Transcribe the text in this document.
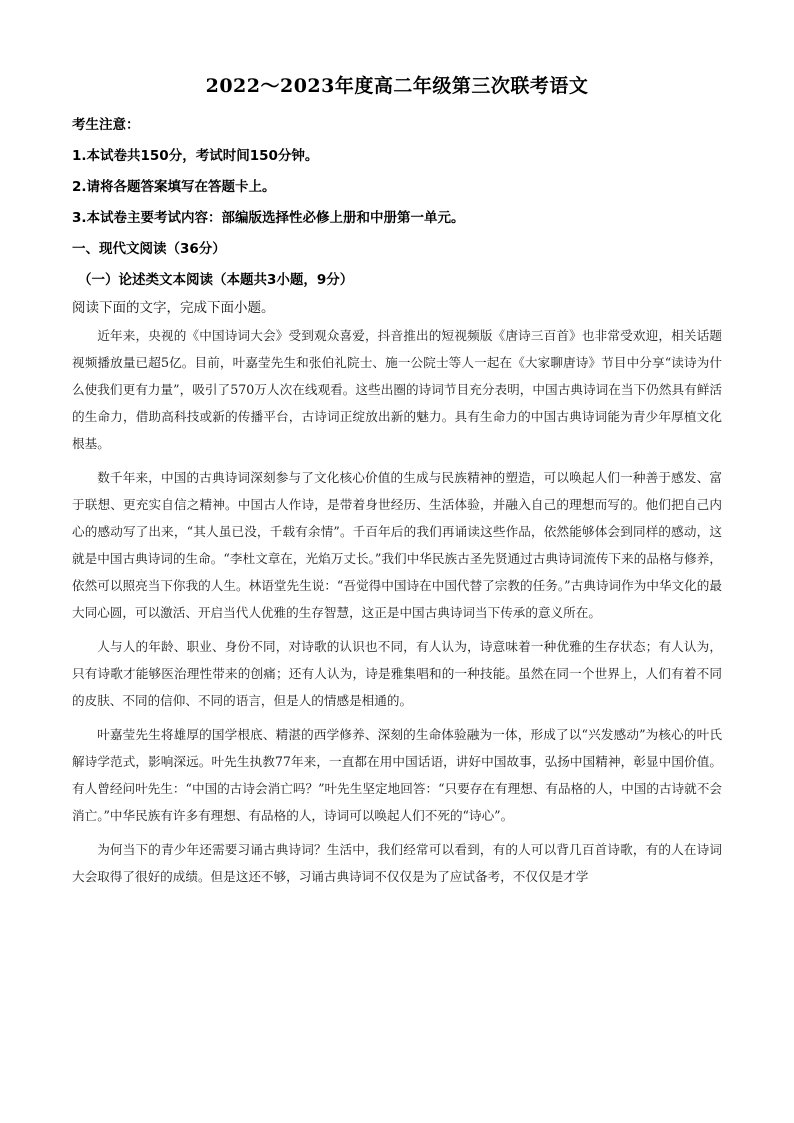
2022～2023年度高二年级第三次联考语文
考生注意：
1.本试卷共150分，考试时间150分钟。
2.请将各题答案填写在答题卡上。
3.本试卷主要考试内容：部编版选择性必修上册和中册第一单元。
一、现代文阅读（36分）
（一）论述类文本阅读（本题共3小题，9分）
阅读下面的文字，完成下面小题。

近年来，央视的《中国诗词大会》受到观众喜爱，抖音推出的短视频版《唐诗三百首》也非常受欢迎，相关话题视频播放量已超5亿。目前，叶嘉莹先生和张伯礼院士、施一公院士等人一起在《大家聊唐诗》节目中分享“读诗为什么使我们更有力量”，吸引了570万人次在线观看。这些出圈的诗词节目充分表明，中国古典诗词在当下仍然具有鲜活的生命力，借助高科技或新的传播平台，古诗词正绽放出新的魅力。具有生命力的中国古典诗词能为青少年厚植文化根基。

数千年来，中国的古典诗词深刻参与了文化核心价值的生成与民族精神的塑造，可以唤起人们一种善于感发、富于联想、更充实自信之精神。中国古人作诗，是带着身世经历、生活体验，并融入自己的理想而写的。他们把自己内心的感动写了出来，“其人虽已没，千载有余情”。千百年后的我们再诵读这些作品，依然能够体会到同样的感动，这就是中国古典诗词的生命。“李杜文章在，光焰万丈长。”我们中华民族古圣先贤通过古典诗词流传下来的品格与修养，依然可以照亮当下你我的人生。林语堂先生说：“吾觉得中国诗在中国代替了宗教的任务。”古典诗词作为中华文化的最大同心圆，可以激活、开启当代人优雅的生存智慧，这正是中国古典诗词当下传承的意义所在。

人与人的年龄、职业、身份不同，对诗歌的认识也不同，有人认为，诗意味着一种优雅的生存状态；有人认为，只有诗歌才能够医治理性带来的创痛；还有人认为，诗是雅集唱和的一种技能。虽然在同一个世界上，人们有着不同的皮肤、不同的信仰、不同的语言，但是人的情感是相通的。

叶嘉莹先生将雄厚的国学根底、精湛的西学修养、深刻的生命体验融为一体，形成了以“兴发感动”为核心的叶氏解诗学范式，影响深远。叶先生执教77年来，一直都在用中国话语，讲好中国故事，弘扬中国精神，彰显中国价值。有人曾经问叶先生：“中国的古诗会消亡吗？”叶先生坚定地回答：“只要存在有理想、有品格的人，中国的古诗就不会消亡。”中华民族有许多有理想、有品格的人，诗词可以唤起人们不死的“诗心”。

为何当下的青少年还需要习诵古典诗词？生活中，我们经常可以看到，有的人可以背几百首诗歌，有的人在诗词大会取得了很好的成绩。但是这还不够，习诵古典诗词不仅仅是为了应试备考，不仅仅是才学
